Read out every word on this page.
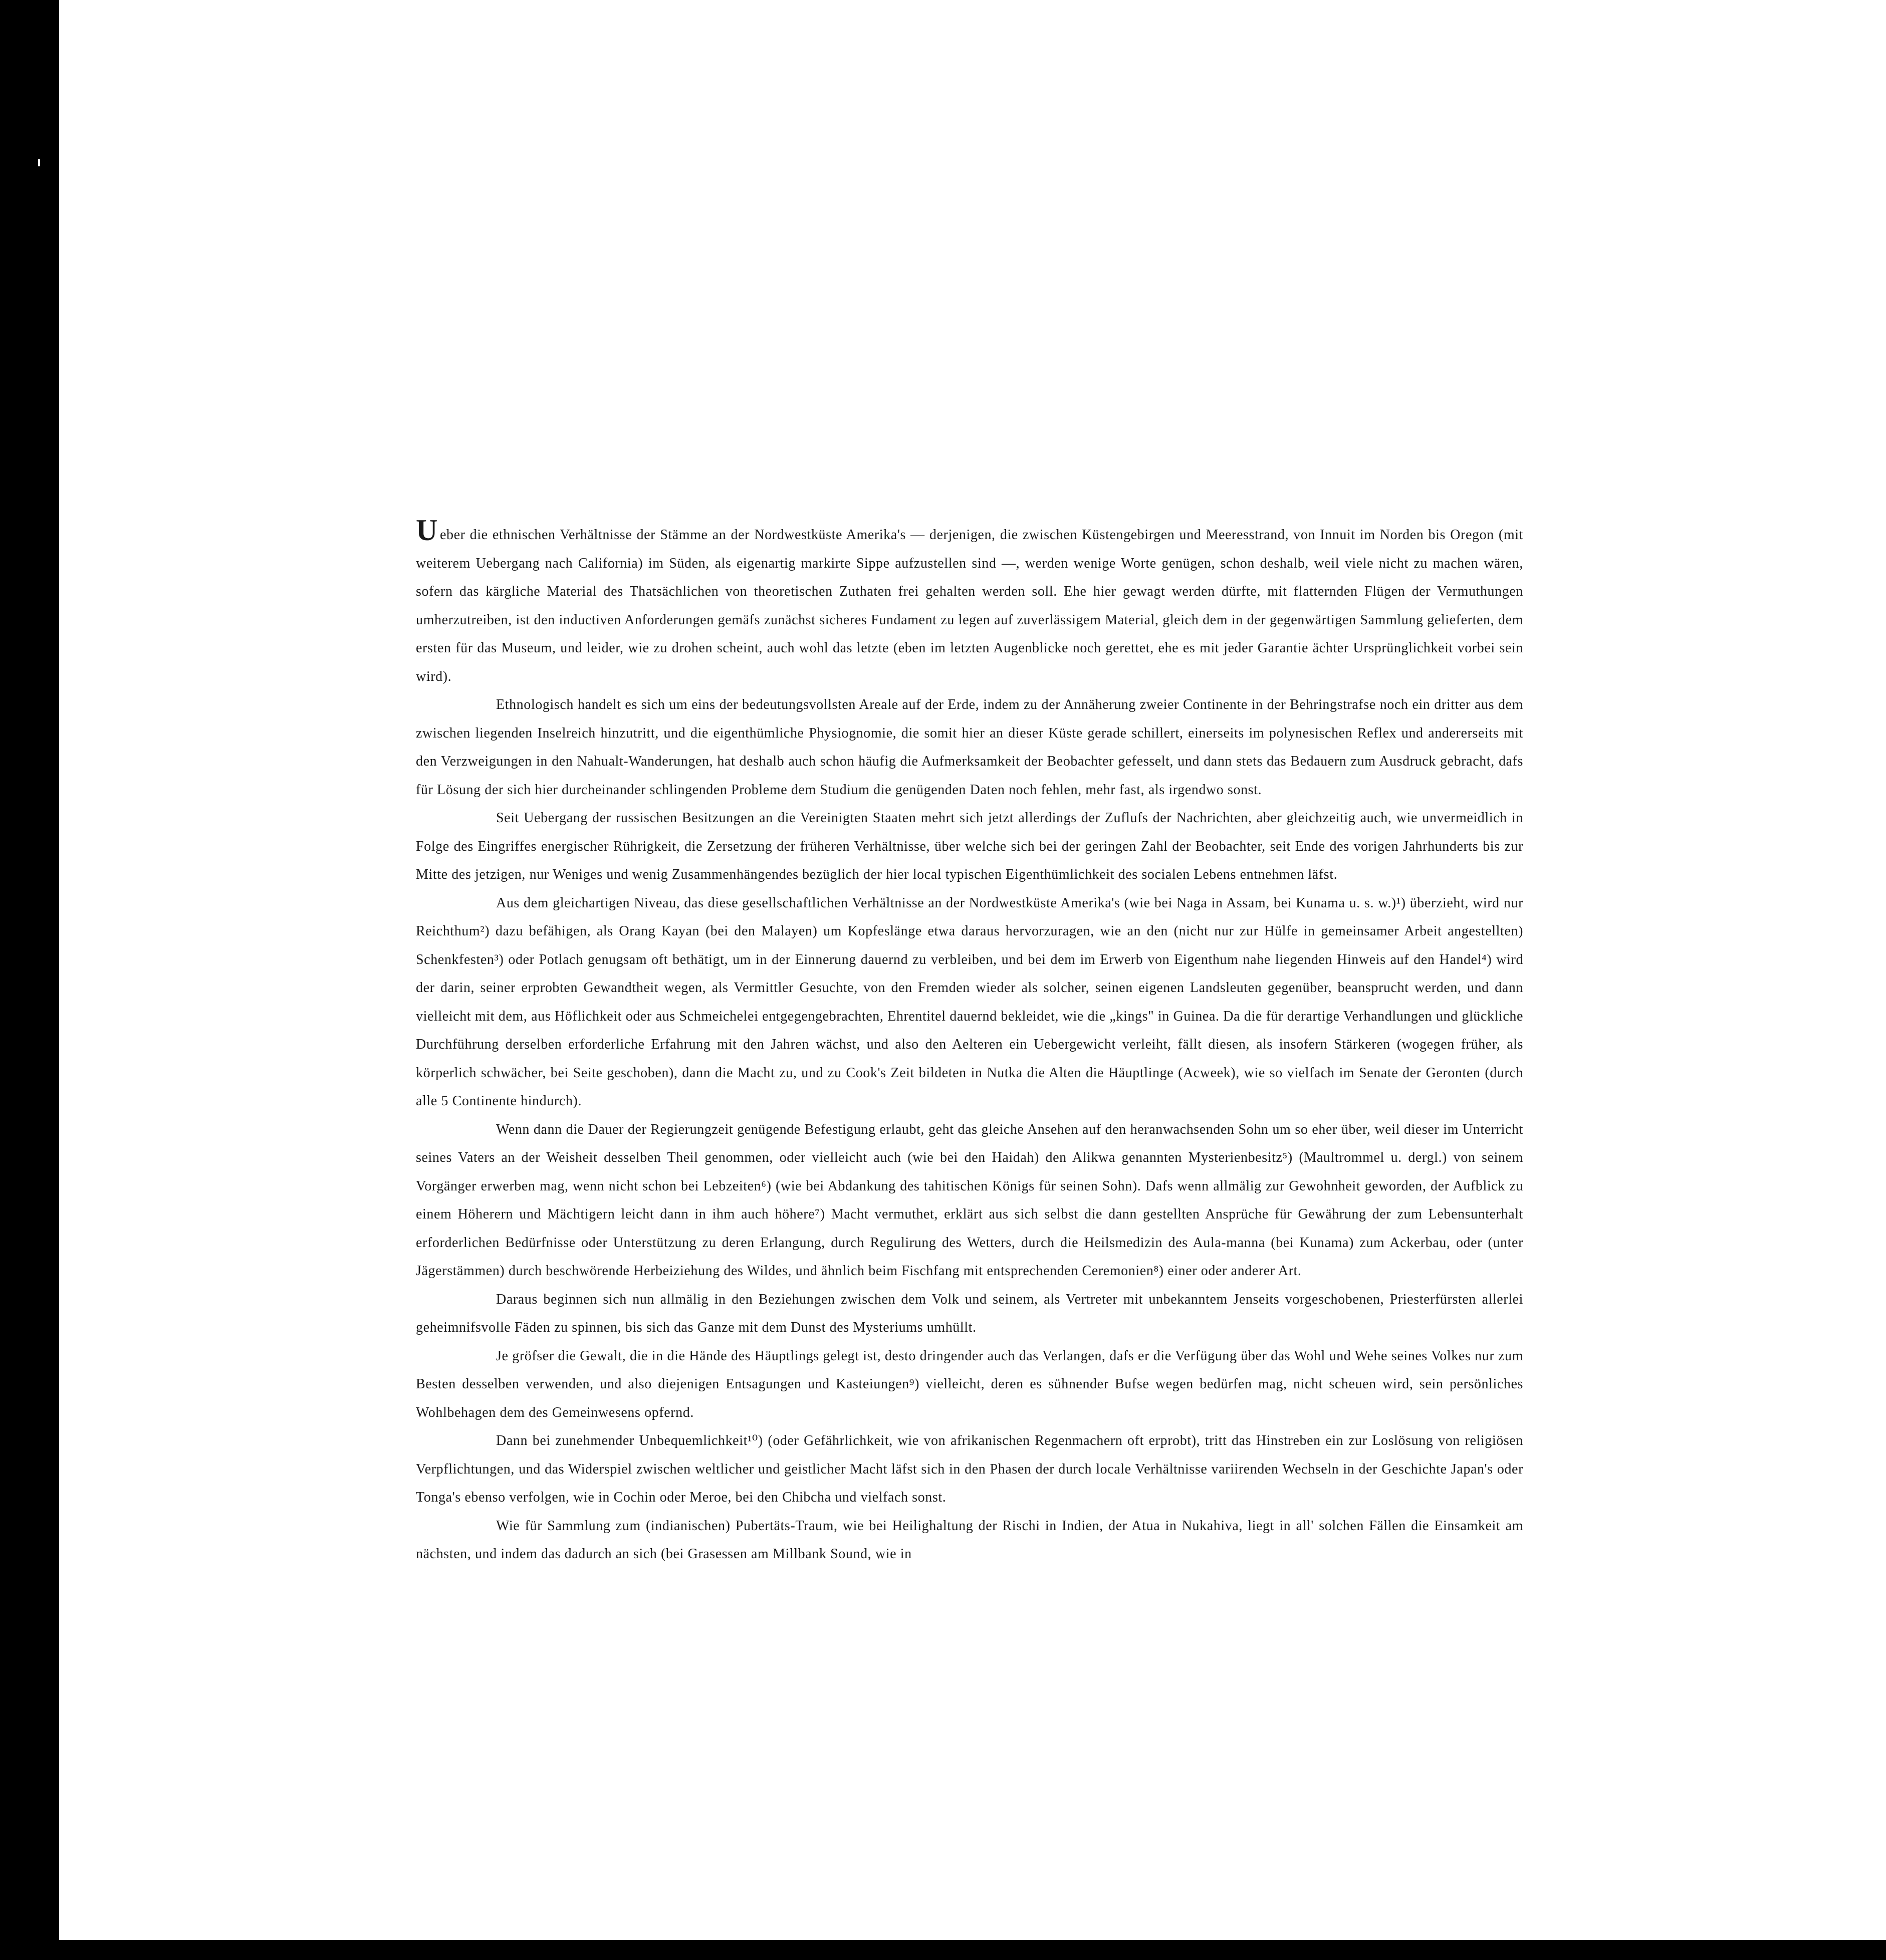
Ueber die ethnischen Verhältnisse der Stämme an der Nordwestküste Amerika's — derjenigen, die zwischen Küstengebirgen und Meeresstrand, von Innuit im Norden bis Oregon (mit weiterem Uebergang nach California) im Süden, als eigenartig markirte Sippe aufzustellen sind —, werden wenige Worte genügen, schon deshalb, weil viele nicht zu machen wären, sofern das kärgliche Material des Thatsächlichen von theoretischen Zuthaten frei gehalten werden soll. Ehe hier gewagt werden dürfte, mit flatternden Flügen der Vermuthungen umherzutreiben, ist den inductiven Anforderungen gemäfs zunächst sicheres Fundament zu legen auf zuverlässigem Material, gleich dem in der gegenwärtigen Sammlung gelieferten, dem ersten für das Museum, und leider, wie zu drohen scheint, auch wohl das letzte (eben im letzten Augenblicke noch gerettet, ehe es mit jeder Garantie ächter Ursprünglichkeit vorbei sein wird).

Ethnologisch handelt es sich um eins der bedeutungsvollsten Areale auf der Erde, indem zu der Annäherung zweier Continente in der Behringstrafse noch ein dritter aus dem zwischen liegenden Inselreich hinzutritt, und die eigenthümliche Physiognomie, die somit hier an dieser Küste gerade schillert, einerseits im polynesischen Reflex und andererseits mit den Verzweigungen in den Nahualt-Wanderungen, hat deshalb auch schon häufig die Aufmerksamkeit der Beobachter gefesselt, und dann stets das Bedauern zum Ausdruck gebracht, dafs für Lösung der sich hier durcheinander schlingenden Probleme dem Studium die genügenden Daten noch fehlen, mehr fast, als irgendwo sonst.

Seit Uebergang der russischen Besitzungen an die Vereinigten Staaten mehrt sich jetzt allerdings der Zuflufs der Nachrichten, aber gleichzeitig auch, wie unvermeidlich in Folge des Eingriffes energischer Rührigkeit, die Zersetzung der früheren Verhältnisse, über welche sich bei der geringen Zahl der Beobachter, seit Ende des vorigen Jahrhunderts bis zur Mitte des jetzigen, nur Weniges und wenig Zusammenhängendes bezüglich der hier local typischen Eigenthümlichkeit des socialen Lebens entnehmen läfst.

Aus dem gleichartigen Niveau, das diese gesellschaftlichen Verhältnisse an der Nordwestküste Amerika's (wie bei Naga in Assam, bei Kunama u. s. w.)¹) überzieht, wird nur Reichthum²) dazu befähigen, als Orang Kayan (bei den Malayen) um Kopfeslänge etwa daraus hervorzuragen, wie an den (nicht nur zur Hülfe in gemeinsamer Arbeit angestellten) Schenkfesten³) oder Potlach genugsam oft bethätigt, um in der Einnerung dauernd zu verbleiben, und bei dem im Erwerb von Eigenthum nahe liegenden Hinweis auf den Handel⁴) wird der darin, seiner erprobten Gewandtheit wegen, als Vermittler Gesuchte, von den Fremden wieder als solcher, seinen eigenen Landsleuten gegenüber, beansprucht werden, und dann vielleicht mit dem, aus Höflichkeit oder aus Schmeichelei entgegengebrachten, Ehrentitel dauernd bekleidet, wie die „kings" in Guinea. Da die für derartige Verhandlungen und glückliche Durchführung derselben erforderliche Erfahrung mit den Jahren wächst, und also den Aelteren ein Uebergewicht verleiht, fällt diesen, als insofern Stärkeren (wogegen früher, als körperlich schwächer, bei Seite geschoben), dann die Macht zu, und zu Cook's Zeit bildeten in Nutka die Alten die Häuptlinge (Acweek), wie so vielfach im Senate der Geronten (durch alle 5 Continente hindurch).

Wenn dann die Dauer der Regierungzeit genügende Befestigung erlaubt, geht das gleiche Ansehen auf den heranwachsenden Sohn um so eher über, weil dieser im Unterricht seines Vaters an der Weisheit desselben Theil genommen, oder vielleicht auch (wie bei den Haidah) den Alikwa genannten Mysterienbesitz⁵) (Maultrommel u. dergl.) von seinem Vorgänger erwerben mag, wenn nicht schon bei Lebzeiten⁶) (wie bei Abdankung des tahitischen Königs für seinen Sohn). Dafs wenn allmälig zur Gewohnheit geworden, der Aufblick zu einem Höherern und Mächtigern leicht dann in ihm auch höhere⁷) Macht vermuthet, erklärt aus sich selbst die dann gestellten Ansprüche für Gewährung der zum Lebensunterhalt erforderlichen Bedürfnisse oder Unterstützung zu deren Erlangung, durch Regulirung des Wetters, durch die Heilsmedizin des Aula-manna (bei Kunama) zum Ackerbau, oder (unter Jägerstämmen) durch beschwörende Herbeiziehung des Wildes, und ähnlich beim Fischfang mit entsprechenden Ceremonien⁸) einer oder anderer Art.

Daraus beginnen sich nun allmälig in den Beziehungen zwischen dem Volk und seinem, als Vertreter mit unbekanntem Jenseits vorgeschobenen, Priesterfürsten allerlei geheimnifsvolle Fäden zu spinnen, bis sich das Ganze mit dem Dunst des Mysteriums umhüllt.

Je gröfser die Gewalt, die in die Hände des Häuptlings gelegt ist, desto dringender auch das Verlangen, dafs er die Verfügung über das Wohl und Wehe seines Volkes nur zum Besten desselben verwenden, und also diejenigen Entsagungen und Kasteiungen⁹) vielleicht, deren es sühnender Bufse wegen bedürfen mag, nicht scheuen wird, sein persönliches Wohlbehagen dem des Gemeinwesens opfernd.

Dann bei zunehmender Unbequemlichkeit¹⁰) (oder Gefährlichkeit, wie von afrikanischen Regenmachern oft erprobt), tritt das Hinstreben ein zur Loslösung von religiösen Verpflichtungen, und das Widerspiel zwischen weltlicher und geistlicher Macht läfst sich in den Phasen der durch locale Verhältnisse variirenden Wechseln in der Geschichte Japan's oder Tonga's ebenso verfolgen, wie in Cochin oder Meroe, bei den Chibcha und vielfach sonst.

Wie für Sammlung zum (indianischen) Pubertäts-Traum, wie bei Heilighaltung der Rischi in Indien, der Atua in Nukahiva, liegt in all' solchen Fällen die Einsamkeit am nächsten, und indem das dadurch an sich (bei Grasessen am Millbank Sound, wie in
